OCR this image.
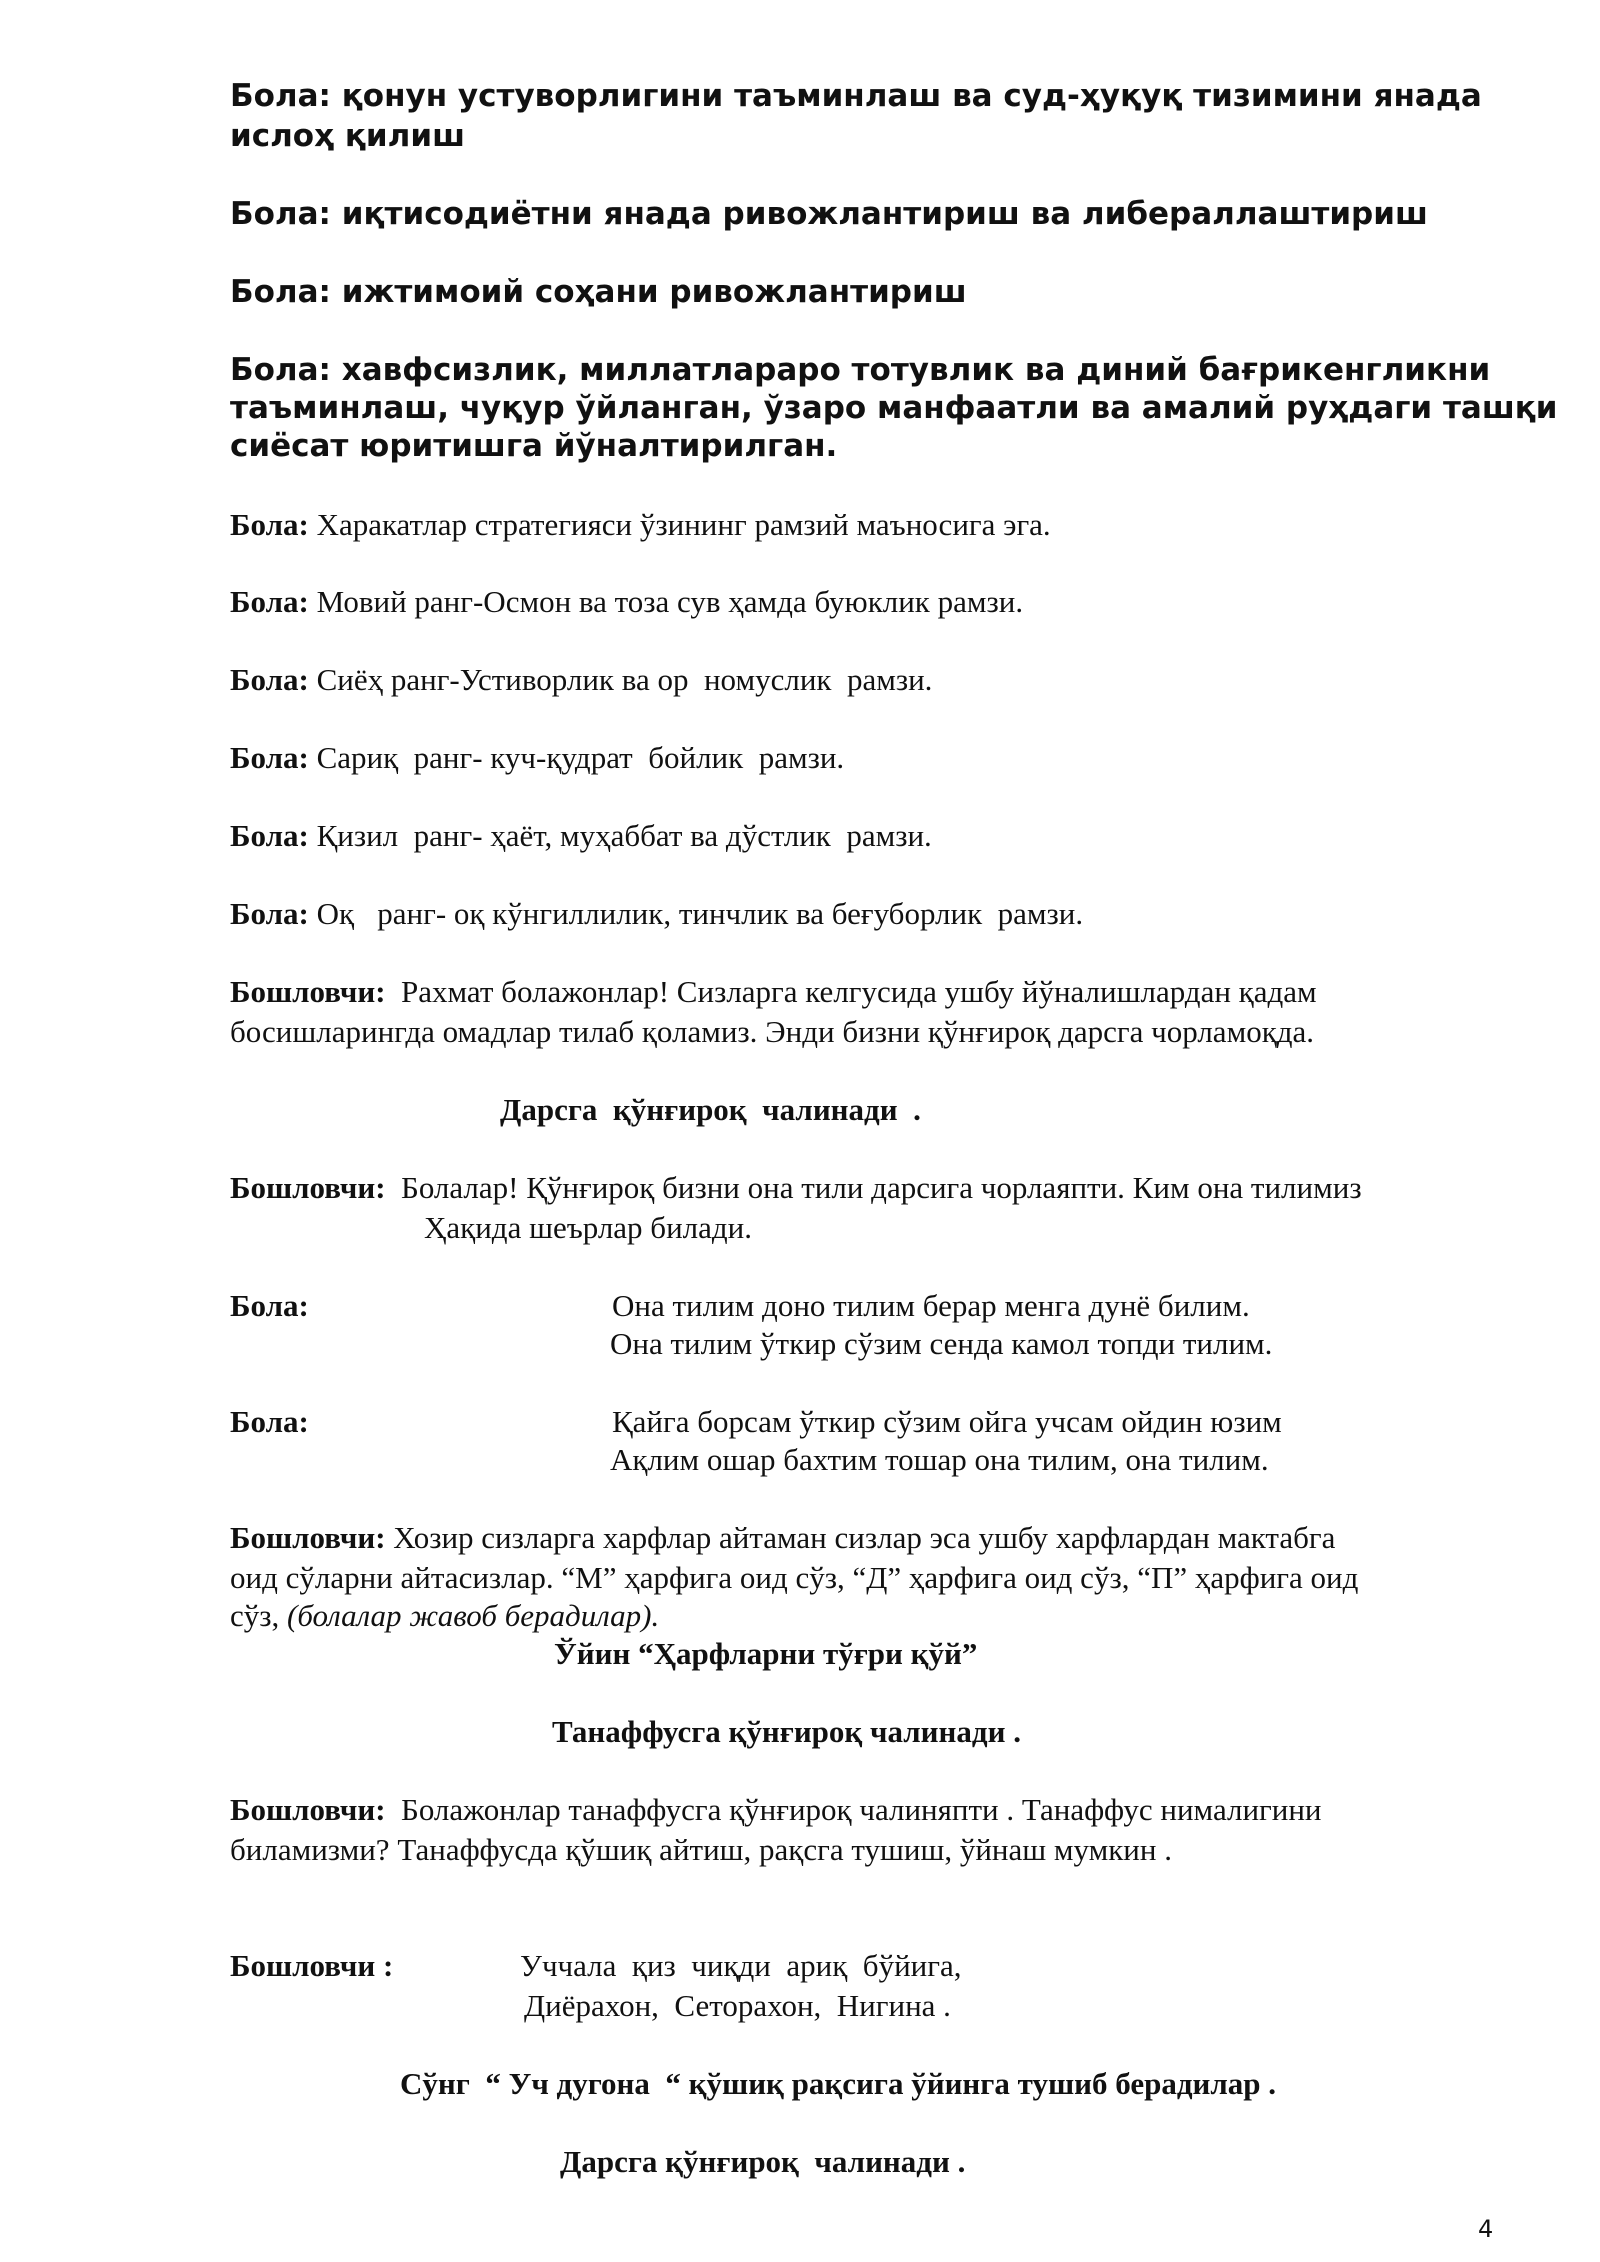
Бола: қонун устуворлигини таъминлаш ва суд-ҳуқуқ тизимини янада
ислоҳ қилиш
Бола: иқтисодиётни янада ривожлантириш ва либераллаштириш
Бола: ижтимоий соҳани ривожлантириш
Бола: хавфсизлик, миллатлараро тотувлик ва диний бағрикенгликни
таъминлаш, чуқур ўйланган, ўзаро манфаатли ва амалий руҳдаги ташқи
сиёсат юритишга йўналтирилган.
Бола: Харакатлар стратегияси ўзининг рамзий маъносига эга.
Бола: Мовий ранг-Осмон ва тоза сув ҳамда буюклик рамзи.
Бола: Сиёҳ ранг-Устиворлик ва ор  номуслик  рамзи.
Бола: Сариқ  ранг- куч-қудрат  бойлик  рамзи.
Бола: Қизил  ранг- ҳаёт, муҳаббат ва дўстлик  рамзи.
Бола: Оқ   ранг- оқ кўнгиллилик, тинчлик ва беғуборлик  рамзи.
Бошловчи:  Рахмат болажонлар! Сизларга келгусида ушбу йўналишлардан қадам
босишларингда омадлар тилаб қоламиз. Энди бизни қўнғироқ дарсга чорламоқда.
Дарсга  қўнғироқ  чалинади  .
Бошловчи:  Болалар! Қўнғироқ бизни она тили дарсига чорлаяпти. Ким она тилимиз
Ҳақида шеърлар билади.
Бола:	Она тилим доно тилим берар менга дунё билим.
Она тилим ўткир сўзим сенда камол топди тилим.
Бола:	Қайга борсам ўткир сўзим ойга учсам ойдин юзим
Ақлим ошар бахтим тошар она тилим, она тилим.
Бошловчи: Хозир сизларга харфлар айтаман сизлар эса ушбу харфлардан мактабга
оид сўларни айтасизлар. “М” ҳарфига оид сўз, “Д” ҳарфига оид сўз, “П” ҳарфига оид
сўз, (болалар жавоб берадилар).
Ўйин “Ҳарфларни тўғри қўй”
Танаффусга қўнғироқ чалинади .
Бошловчи:  Болажонлар танаффусга қўнғироқ чалиняпти . Танаффус нималигини
биламизми? Танаффусда қўшиқ айтиш, рақсга тушиш, ўйнаш мумкин .
Бошловчи :	Уччала  қиз  чиқди  ариқ  бўйига,
Диёрахон,  Сеторахон,  Нигина .
Сўнг  “ Уч дугона  “ қўшиқ рақсига ўйинга тушиб берадилар .
Дарсга қўнғироқ  чалинади .
4
